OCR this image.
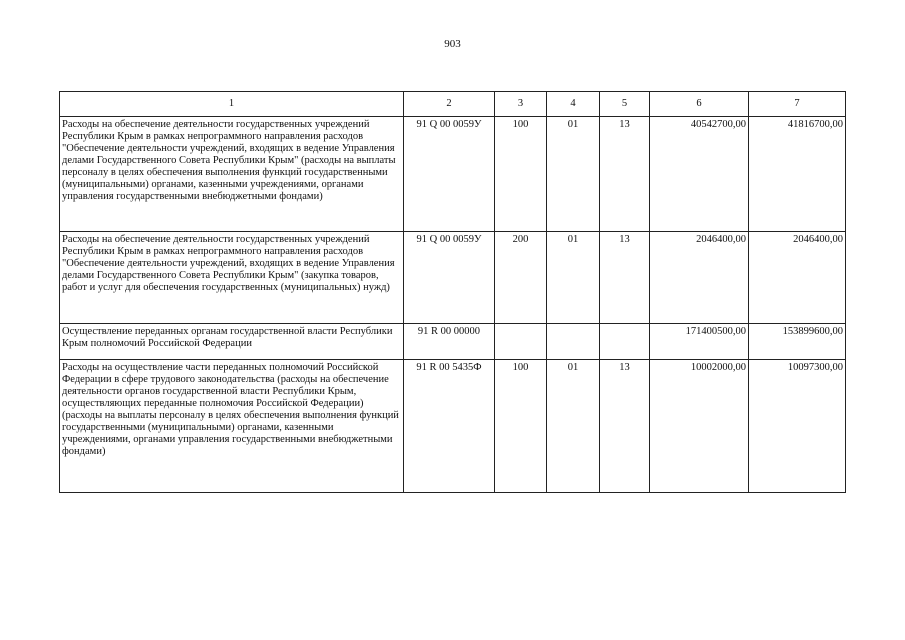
903
1	2	3	4	5	6	7
Расходы на обеспечение деятельности государственных учреждений Республики Крым в рамках непрограммного направления расходов "Обеспечение деятельности учреждений, входящих в ведение Управления делами Государственного Совета Республики Крым" (расходы на выплаты персоналу в целях обеспечения выполнения функций государственными (муниципальными) органами, казенными учреждениями, органами управления государственными внебюджетными фондами)	91 Q 00 0059У	100	01	13	40542700,00	41816700,00
Расходы на обеспечение деятельности государственных учреждений Республики Крым в рамках непрограммного направления расходов "Обеспечение деятельности учреждений, входящих в ведение Управления делами Государственного Совета Республики Крым" (закупка товаров, работ и услуг для обеспечения государственных (муниципальных) нужд)	91 Q 00 0059У	200	01	13	2046400,00	2046400,00
Осуществление переданных органам государственной власти Республики Крым полномочий Российской Федерации	91 R 00 00000				171400500,00	153899600,00
Расходы на осуществление части переданных полномочий Российской Федерации в сфере трудового законодательства (расходы на обеспечение деятельности органов государственной власти Республики Крым, осуществляющих переданные полномочия Российской Федерации) (расходы на выплаты персоналу в целях обеспечения выполнения функций государственными (муниципальными) органами, казенными учреждениями, органами управления государственными внебюджетными фондами)	91 R 00 5435Ф	100	01	13	10002000,00	10097300,00
